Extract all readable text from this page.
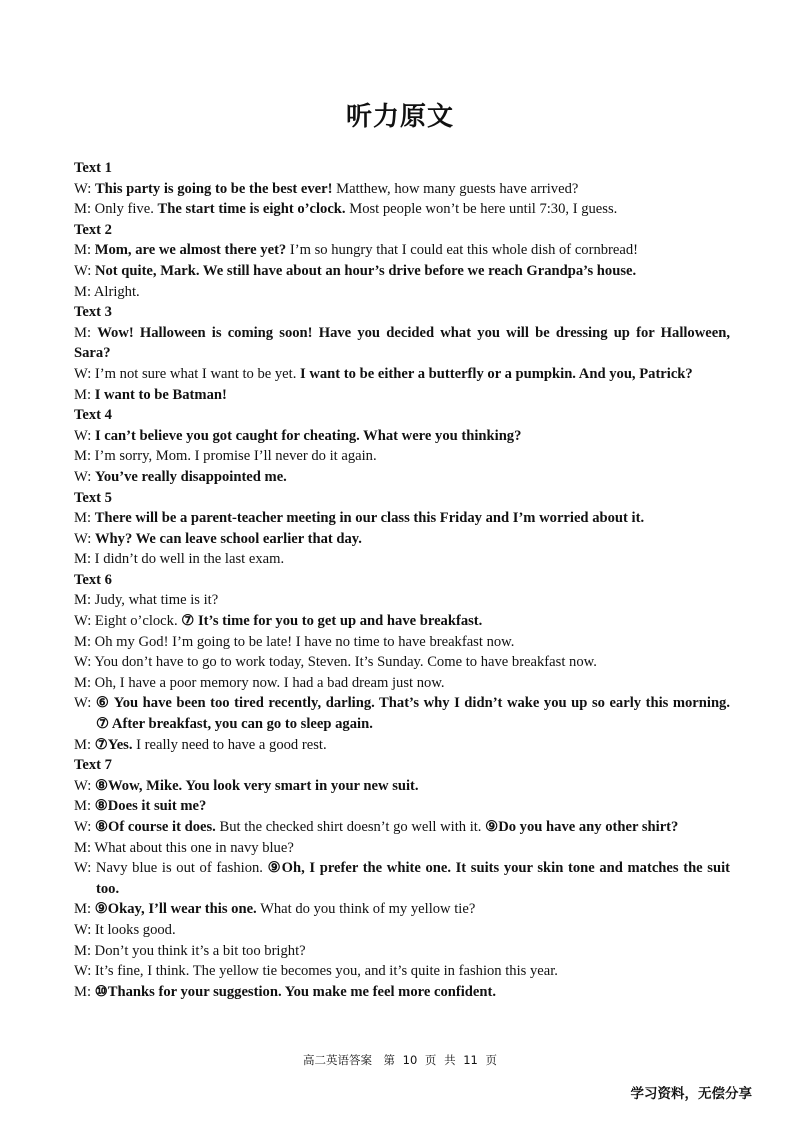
听力原文
Text 1
W: This party is going to be the best ever! Matthew, how many guests have arrived?
M: Only five. The start time is eight o’clock. Most people won’t be here until 7:30, I guess.
Text 2
M: Mom, are we almost there yet? I’m so hungry that I could eat this whole dish of cornbread!
W: Not quite, Mark. We still have about an hour’s drive before we reach Grandpa’s house.
M: Alright.
Text 3
M: Wow! Halloween is coming soon! Have you decided what you will be dressing up for Halloween,
Sara?
W: I’m not sure what I want to be yet. I want to be either a butterfly or a pumpkin. And you, Patrick?
M: I want to be Batman!
Text 4
W: I can’t believe you got caught for cheating. What were you thinking?
M: I’m sorry, Mom. I promise I’ll never do it again.
W: You’ve really disappointed me.
Text 5
M: There will be a parent-teacher meeting in our class this Friday and I’m worried about it.
W: Why? We can leave school earlier that day.
M: I didn’t do well in the last exam.
Text 6
M: Judy, what time is it?
W: Eight o’clock. ⑦ It’s time for you to get up and have breakfast.
M: Oh my God! I’m going to be late! I have no time to have breakfast now.
W: You don’t have to go to work today, Steven. It’s Sunday. Come to have breakfast now.
M: Oh, I have a poor memory now. I had a bad dream just now.
W: ⑥ You have been too tired recently, darling. That’s why I didn’t wake you up so early this morning.
⑦ After breakfast, you can go to sleep again.
M: ⑦Yes. I really need to have a good rest.
Text 7
W: ⑧Wow, Mike. You look very smart in your new suit.
M: ⑧Does it suit me?
W: ⑧Of course it does. But the checked shirt doesn’t go well with it. ⑨Do you have any other shirt?
M: What about this one in navy blue?
W: Navy blue is out of fashion. ⑨Oh, I prefer the white one. It suits your skin tone and matches the suit
too.
M: ⑨Okay, I’ll wear this one. What do you think of my yellow tie?
W: It looks good.
M: Don’t you think it’s a bit too bright?
W: It’s fine, I think. The yellow tie becomes you, and it’s quite in fashion this year.
M: ⑩Thanks for your suggestion. You make me feel more confident.
高二英语答案　第 10 页 共 11 页
学习资料，无偿分享
